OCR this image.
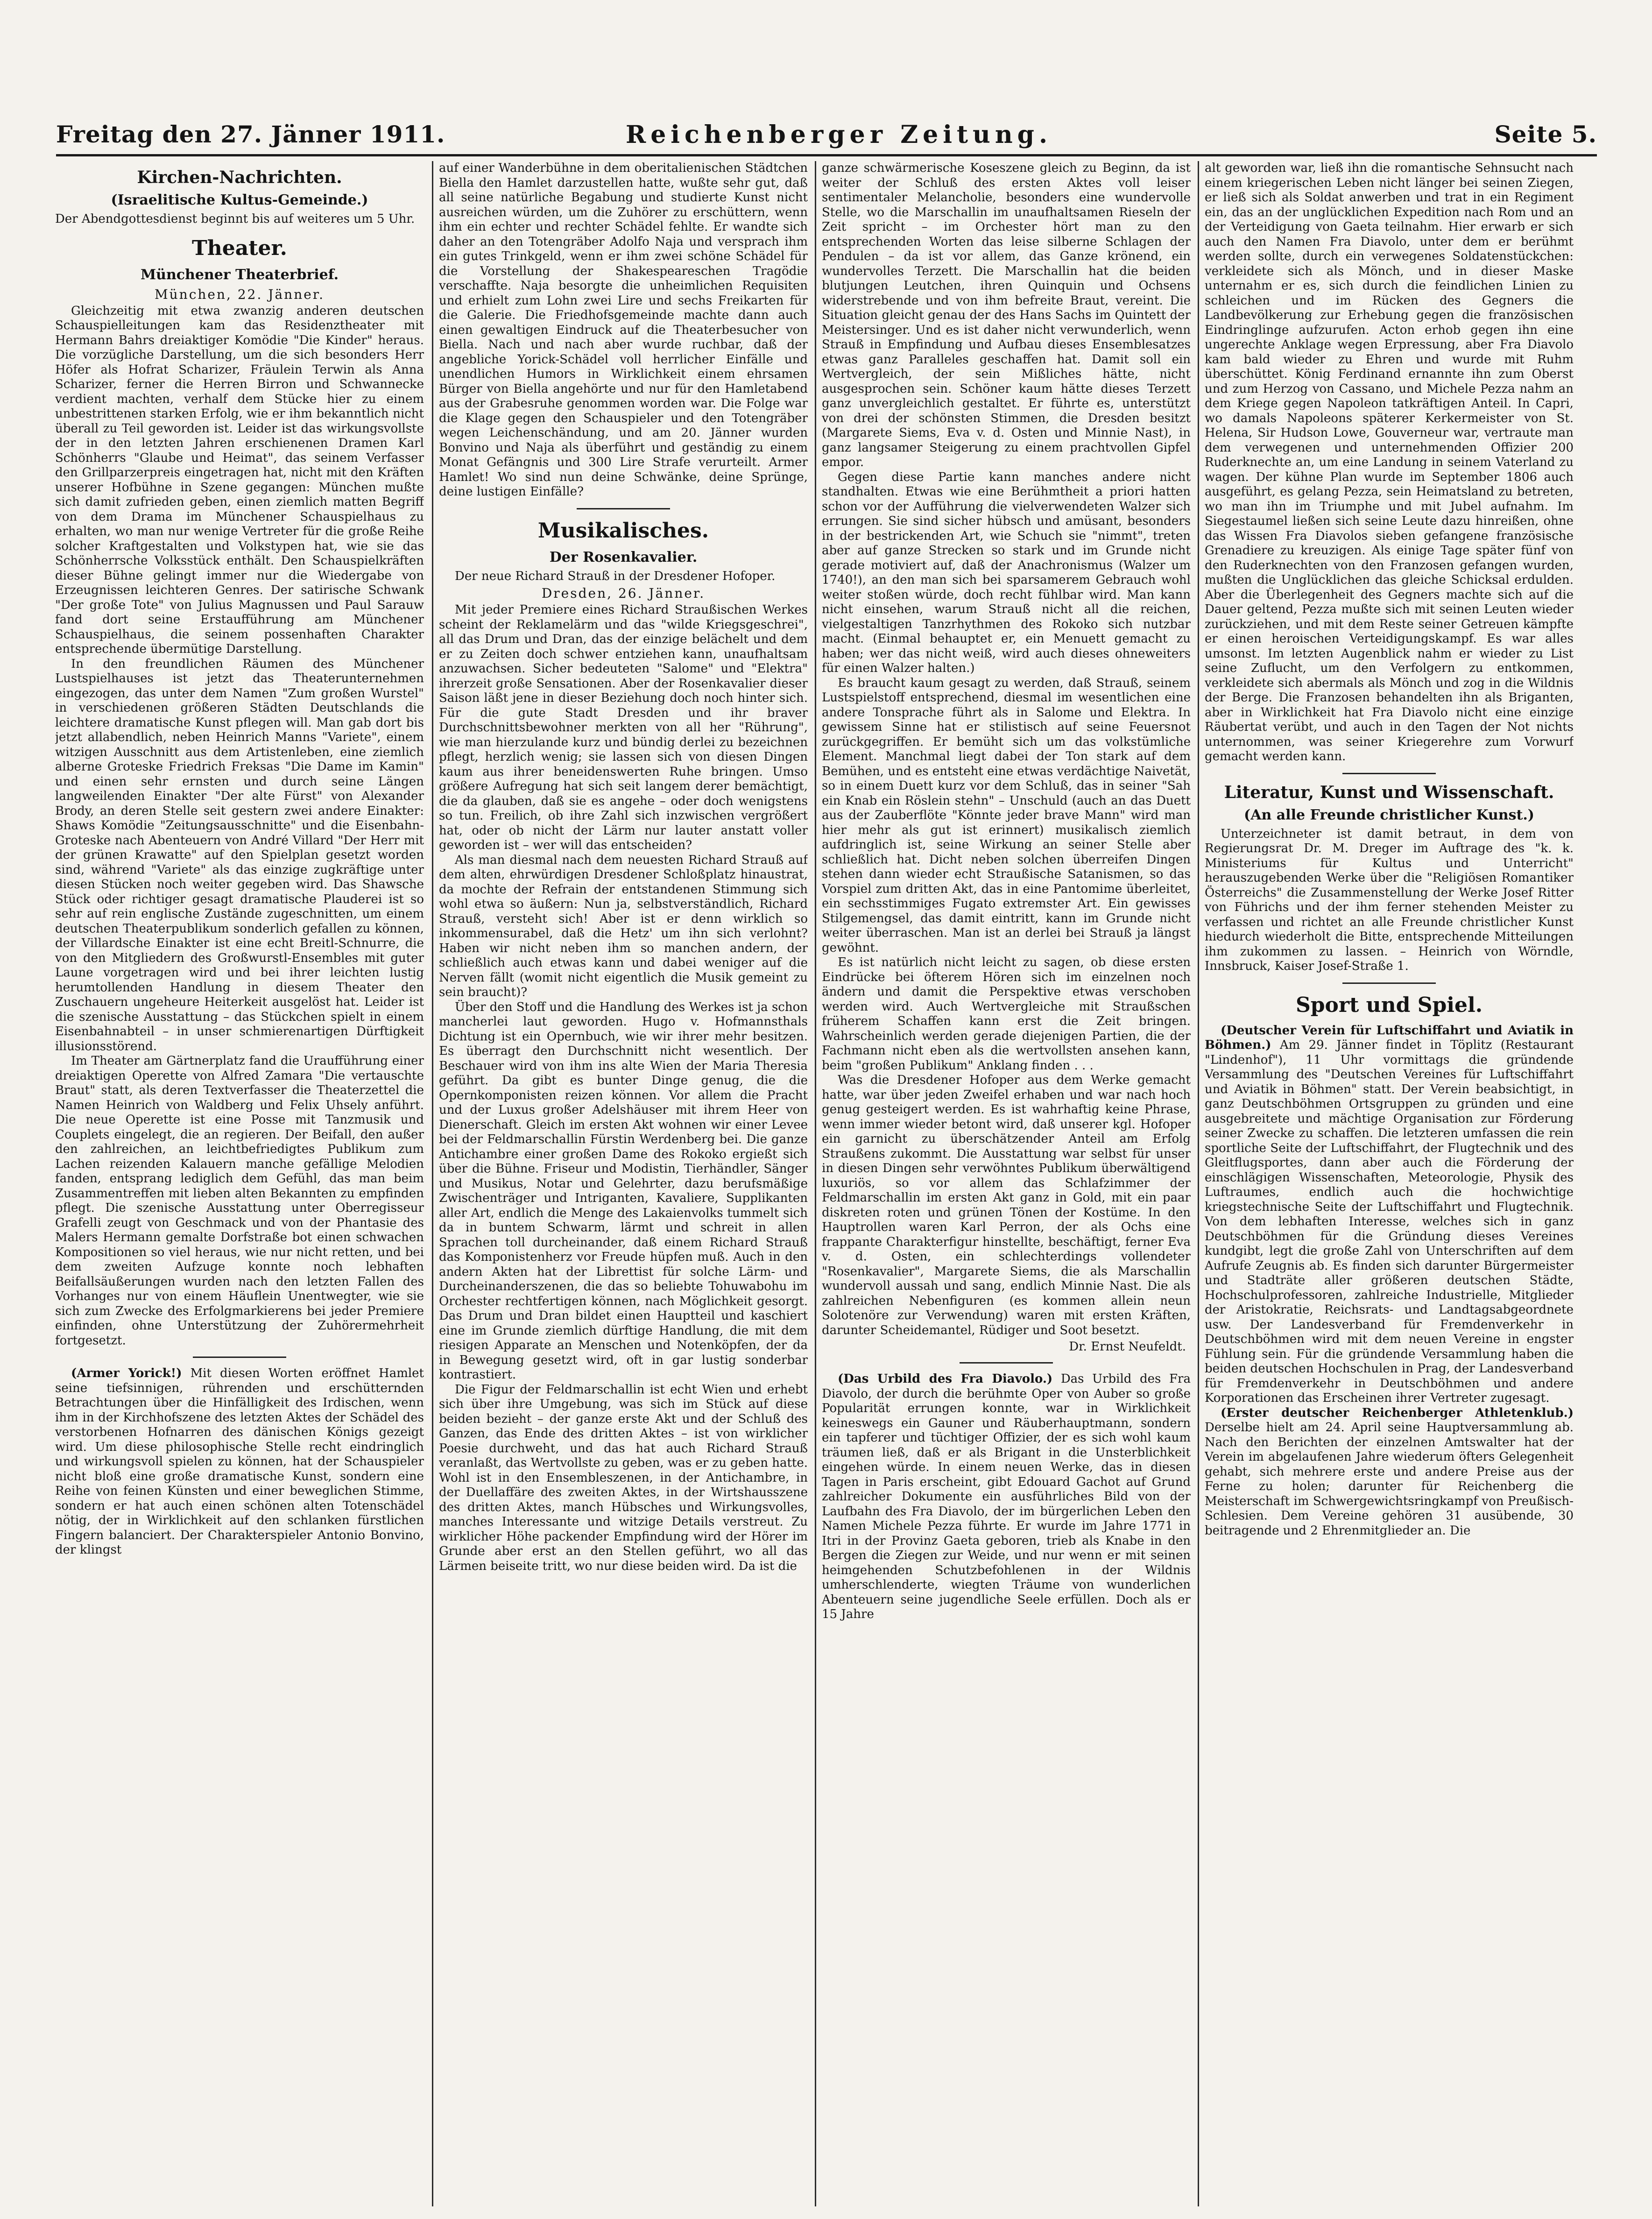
Freitag den 27. Jänner 1911.	Reichenberger Zeitung.	Seite 5.
Kirchen-Nachrichten.
(Israelitische Kultus-Gemeinde.)

Der Abendgottesdienst beginnt bis auf weiteres um 5 Uhr.

Theater.
Münchener Theaterbrief.
München, 22. Jänner.

Gleichzeitig mit etwa zwanzig anderen deutschen Schauspielleitungen kam das Residenztheater mit Hermann Bahrs dreiaktiger Komödie "Die Kinder" heraus. Die vorzügliche Darstellung, um die sich besonders Herr Höfer als Hofrat Scharizer, Fräulein Terwin als Anna Scharizer, ferner die Herren Birron und Schwannecke verdient machten, verhalf dem Stücke hier zu einem unbestrittenen starken Erfolg, wie er ihm bekanntlich nicht überall zu Teil geworden ist. Leider ist das wirkungsvollste der in den letzten Jahren erschienenen Dramen Karl Schönherrs "Glaube und Heimat", das seinem Verfasser den Grillparzerpreis eingetragen hat, nicht mit den Kräften unserer Hofbühne in Szene gegangen: München mußte sich damit zufrieden geben, einen ziemlich matten Begriff von dem Drama im Münchener Schauspielhaus zu erhalten, wo man nur wenige Vertreter für die große Reihe solcher Kraftgestalten und Volkstypen hat, wie sie das Schönherrsche Volksstück enthält. Den Schauspielkräften dieser Bühne gelingt immer nur die Wiedergabe von Erzeugnissen leichteren Genres. Der satirische Schwank "Der große Tote" von Julius Magnussen und Paul Sarauw fand dort seine Erstaufführung am Münchener Schauspielhaus, die seinem possenhaften Charakter entsprechende übermütige Darstellung.

In den freundlichen Räumen des Münchener Lustspielhauses ist jetzt das Theaterunternehmen eingezogen, das unter dem Namen "Zum großen Wurstel" in verschiedenen größeren Städten Deutschlands die leichtere dramatische Kunst pflegen will. Man gab dort bis jetzt allabendlich, neben Heinrich Manns "Variete", einem witzigen Ausschnitt aus dem Artistenleben, eine ziemlich alberne Groteske Friedrich Freksas "Die Dame im Kamin" und einen sehr ernsten und durch seine Längen langweilenden Einakter "Der alte Fürst" von Alexander Brody, an deren Stelle seit gestern zwei andere Einakter: Shaws Komödie "Zeitungsausschnitte" und die Eisenbahn-Groteske nach Abenteuern von André Villard "Der Herr mit der grünen Krawatte" auf den Spielplan gesetzt worden sind, während "Variete" als das einzige zugkräftige unter diesen Stücken noch weiter gegeben wird. Das Shawsche Stück oder richtiger gesagt dramatische Plauderei ist so sehr auf rein englische Zustände zugeschnitten, um einem deutschen Theaterpublikum sonderlich gefallen zu können, der Villardsche Einakter ist eine echt Breitl-Schnurre, die von den Mitgliedern des Großwurstl-Ensembles mit guter Laune vorgetragen wird und bei ihrer leichten lustig herumtollenden Handlung in diesem Theater den Zuschauern ungeheure Heiterkeit ausgelöst hat. Leider ist die szenische Ausstattung – das Stückchen spielt in einem Eisenbahnabteil – in unser schmierenartigen Dürftigkeit illusionsstörend.

Im Theater am Gärtnerplatz fand die Uraufführung einer dreiaktigen Operette von Alfred Zamara "Die vertauschte Braut" statt, als deren Textverfasser die Theaterzettel die Namen Heinrich von Waldberg und Felix Uhsely anführt. Die neue Operette ist eine Posse mit Tanzmusik und Couplets eingelegt, die an regieren. Der Beifall, den außer den zahlreichen, an leichtbefriedigtes Publikum zum Lachen reizenden Kalauern manche gefällige Melodien fanden, entsprang lediglich dem Gefühl, das man beim Zusammentreffen mit lieben alten Bekannten zu empfinden pflegt. Die szenische Ausstattung unter Oberregisseur Grafelli zeugt von Geschmack und von der Phantasie des Malers Hermann gemalte Dorfstraße bot einen schwachen Kompositionen so viel heraus, wie nur nicht retten, und bei dem zweiten Aufzuge konnte noch lebhaften Beifallsäußerungen wurden nach den letzten Fallen des Vorhanges nur von einem Häuflein Unentwegter, wie sie sich zum Zwecke des Erfolgmarkierens bei jeder Premiere einfinden, ohne Unterstützung der Zuhörermehrheit fortgesetzt.

(Armer Yorick!) Mit diesen Worten eröffnet Hamlet seine tiefsinnigen, rührenden und erschütternden Betrachtungen über die Hinfälligkeit des Irdischen, wenn ihm in der Kirchhofszene des letzten Aktes der Schädel des verstorbenen Hofnarren des dänischen Königs gezeigt wird. Um diese philosophische Stelle recht eindringlich und wirkungsvoll spielen zu können, hat der Schauspieler nicht bloß eine große dramatische Kunst, sondern eine Reihe von feinen Künsten und einer beweglichen Stimme, sondern er hat auch einen schönen alten Totenschädel nötig, der in Wirklichkeit auf den schlanken fürstlichen Fingern balanciert. Der Charakterspieler Antonio Bonvino, der klingst

auf einer Wanderbühne in dem oberitalienischen Städtchen Biella den Hamlet darzustellen hatte, wußte sehr gut, daß all seine natürliche Begabung und studierte Kunst nicht ausreichen würden, um die Zuhörer zu erschüttern, wenn ihm ein echter und rechter Schädel fehlte. Er wandte sich daher an den Totengräber Adolfo Naja und versprach ihm ein gutes Trinkgeld, wenn er ihm zwei schöne Schädel für die Vorstellung der Shakespeareschen Tragödie verschaffte. Naja besorgte die unheimlichen Requisiten und erhielt zum Lohn zwei Lire und sechs Freikarten für die Galerie. Die Friedhofsgemeinde machte dann auch einen gewaltigen Eindruck auf die Theaterbesucher von Biella. Nach und nach aber wurde ruchbar, daß der angebliche Yorick-Schädel voll herrlicher Einfälle und unendlichen Humors in Wirklichkeit einem ehrsamen Bürger von Biella angehörte und nur für den Hamletabend aus der Grabesruhe genommen worden war. Die Folge war die Klage gegen den Schauspieler und den Totengräber wegen Leichenschändung, und am 20. Jänner wurden Bonvino und Naja als überführt und geständig zu einem Monat Gefängnis und 300 Lire Strafe verurteilt. Armer Hamlet! Wo sind nun deine Schwänke, deine Sprünge, deine lustigen Einfälle?

Musikalisches.
Der Rosenkavalier.

Der neue Richard Strauß in der Dresdener Hofoper.

Dresden, 26. Jänner.

Mit jeder Premiere eines Richard Straußischen Werkes scheint der Reklamelärm und das "wilde Kriegsgeschrei", all das Drum und Dran, das der einzige belächelt und dem er zu Zeiten doch schwer entziehen kann, unaufhaltsam anzuwachsen. Sicher bedeuteten "Salome" und "Elektra" ihrerzeit große Sensationen. Aber der Rosenkavalier dieser Saison läßt jene in dieser Beziehung doch noch hinter sich. Für die gute Stadt Dresden und ihr braver Durchschnittsbewohner merkten von all her "Rührung", wie man hierzulande kurz und bündig derlei zu bezeichnen pflegt, herzlich wenig; sie lassen sich von diesen Dingen kaum aus ihrer beneidenswerten Ruhe bringen. Umso größere Aufregung hat sich seit langem derer bemächtigt, die da glauben, daß sie es angehe – oder doch wenigstens so tun. Freilich, ob ihre Zahl sich inzwischen vergrößert hat, oder ob nicht der Lärm nur lauter anstatt voller geworden ist – wer will das entscheiden?

Als man diesmal nach dem neuesten Richard Strauß auf dem alten, ehrwürdigen Dresdener Schloßplatz hinaustrat, da mochte der Refrain der entstandenen Stimmung sich wohl etwa so äußern: Nun ja, selbstverständlich, Richard Strauß, versteht sich! Aber ist er denn wirklich so inkommensurabel, daß die Hetz' um ihn sich verlohnt? Haben wir nicht neben ihm so manchen andern, der schließlich auch etwas kann und dabei weniger auf die Nerven fällt (womit nicht eigentlich die Musik gemeint zu sein braucht)?

Über den Stoff und die Handlung des Werkes ist ja schon mancherlei laut geworden. Hugo v. Hofmannsthals Dichtung ist ein Opernbuch, wie wir ihrer mehr besitzen. Es überragt den Durchschnitt nicht wesentlich. Der Beschauer wird von ihm ins alte Wien der Maria Theresia geführt. Da gibt es bunter Dinge genug, die die Opernkomponisten reizen können. Vor allem die Pracht und der Luxus großer Adelshäuser mit ihrem Heer von Dienerschaft. Gleich im ersten Akt wohnen wir einer Levee bei der Feldmarschallin Fürstin Werdenberg bei. Die ganze Antichambre einer großen Dame des Rokoko ergießt sich über die Bühne. Friseur und Modistin, Tierhändler, Sänger und Musikus, Notar und Gelehrter, dazu berufsmäßige Zwischenträger und Intriganten, Kavaliere, Supplikanten aller Art, endlich die Menge des Lakaienvolks tummelt sich da in buntem Schwarm, lärmt und schreit in allen Sprachen toll durcheinander, daß einem Richard Strauß das Komponistenherz vor Freude hüpfen muß. Auch in den andern Akten hat der Librettist für solche Lärm- und Durcheinanderszenen, die das so beliebte Tohuwabohu im Orchester rechtfertigen können, nach Möglichkeit gesorgt. Das Drum und Dran bildet einen Hauptteil und kaschiert eine im Grunde ziemlich dürftige Handlung, die mit dem riesigen Apparate an Menschen und Notenköpfen, der da in Bewegung gesetzt wird, oft in gar lustig sonderbar kontrastiert.

Die Figur der Feldmarschallin ist echt Wien und erhebt sich über ihre Umgebung, was sich im Stück auf diese beiden bezieht – der ganze erste Akt und der Schluß des Ganzen, das Ende des dritten Aktes – ist von wirklicher Poesie durchweht, und das hat auch Richard Strauß veranlaßt, das Wertvollste zu geben, was er zu geben hatte. Wohl ist in den Ensembleszenen, in der Antichambre, in der Duellaffäre des zweiten Aktes, in der Wirtshausszene des dritten Aktes, manch Hübsches und Wirkungsvolles, manches Interessante und witzige Details verstreut. Zu wirklicher Höhe packender Empfindung wird der Hörer im Grunde aber erst an den Stellen geführt, wo all das Lärmen beiseite tritt, wo nur diese beiden wird. Da ist die

ganze schwärmerische Koseszene gleich zu Beginn, da ist weiter der Schluß des ersten Aktes voll leiser sentimentaler Melancholie, besonders eine wundervolle Stelle, wo die Marschallin im unaufhaltsamen Rieseln der Zeit spricht – im Orchester hört man zu den entsprechenden Worten das leise silberne Schlagen der Pendulen – da ist vor allem, das Ganze krönend, ein wundervolles Terzett. Die Marschallin hat die beiden blutjungen Leutchen, ihren Quinquin und Ochsens widerstrebende und von ihm befreite Braut, vereint. Die Situation gleicht genau der des Hans Sachs im Quintett der Meistersinger. Und es ist daher nicht verwunderlich, wenn Strauß in Empfindung und Aufbau dieses Ensemblesatzes etwas ganz Paralleles geschaffen hat. Damit soll ein Wertvergleich, der sein Mißliches hätte, nicht ausgesprochen sein. Schöner kaum hätte dieses Terzett ganz unvergleichlich gestaltet. Er führte es, unterstützt von drei der schönsten Stimmen, die Dresden besitzt (Margarete Siems, Eva v. d. Osten und Minnie Nast), in ganz langsamer Steigerung zu einem prachtvollen Gipfel empor.

Gegen diese Partie kann manches andere nicht standhalten. Etwas wie eine Berühmtheit a priori hatten schon vor der Aufführung die vielverwendeten Walzer sich errungen. Sie sind sicher hübsch und amüsant, besonders in der bestrickenden Art, wie Schuch sie "nimmt", treten aber auf ganze Strecken so stark und im Grunde nicht gerade motiviert auf, daß der Anachronismus (Walzer um 1740!), an den man sich bei sparsamerem Gebrauch wohl weiter stoßen würde, doch recht fühlbar wird. Man kann nicht einsehen, warum Strauß nicht all die reichen, vielgestaltigen Tanzrhythmen des Rokoko sich nutzbar macht. (Einmal behauptet er, ein Menuett gemacht zu haben; wer das nicht weiß, wird auch dieses ohneweiters für einen Walzer halten.)

Es braucht kaum gesagt zu werden, daß Strauß, seinem Lustspielstoff entsprechend, diesmal im wesentlichen eine andere Tonsprache führt als in Salome und Elektra. In gewissem Sinne hat er stilistisch auf seine Feuersnot zurückgegriffen. Er bemüht sich um das volkstümliche Element. Manchmal liegt dabei der Ton stark auf dem Bemühen, und es entsteht eine etwas verdächtige Naivetät, so in einem Duett kurz vor dem Schluß, das in seiner "Sah ein Knab ein Röslein stehn" – Unschuld (auch an das Duett aus der Zauberflöte "Könnte jeder brave Mann" wird man hier mehr als gut ist erinnert) musikalisch ziemlich aufdringlich ist, seine Wirkung an seiner Stelle aber schließlich hat. Dicht neben solchen überreifen Dingen stehen dann wieder echt Straußische Satanismen, so das Vorspiel zum dritten Akt, das in eine Pantomime überleitet, ein sechsstimmiges Fugato extremster Art. Ein gewisses Stilgemengsel, das damit eintritt, kann im Grunde nicht weiter überraschen. Man ist an derlei bei Strauß ja längst gewöhnt.

Es ist natürlich nicht leicht zu sagen, ob diese ersten Eindrücke bei öfterem Hören sich im einzelnen noch ändern und damit die Perspektive etwas verschoben werden wird. Auch Wertvergleiche mit Straußschen früherem Schaffen kann erst die Zeit bringen. Wahrscheinlich werden gerade diejenigen Partien, die der Fachmann nicht eben als die wertvollsten ansehen kann, beim "großen Publikum" Anklang finden . . .

Was die Dresdener Hofoper aus dem Werke gemacht hatte, war über jeden Zweifel erhaben und war nach hoch genug gesteigert werden. Es ist wahrhaftig keine Phrase, wenn immer wieder betont wird, daß unserer kgl. Hofoper ein garnicht zu überschätzender Anteil am Erfolg Straußens zukommt. Die Ausstattung war selbst für unser in diesen Dingen sehr verwöhntes Publikum überwältigend luxuriös, so vor allem das Schlafzimmer der Feldmarschallin im ersten Akt ganz in Gold, mit ein paar diskreten roten und grünen Tönen der Kostüme. In den Hauptrollen waren Karl Perron, der als Ochs eine frappante Charakterfigur hinstellte, beschäftigt, ferner Eva v. d. Osten, ein schlechterdings vollendeter "Rosenkavalier", Margarete Siems, die als Marschallin wundervoll aussah und sang, endlich Minnie Nast. Die als zahlreichen Nebenfiguren (es kommen allein neun Solotenöre zur Verwendung) waren mit ersten Kräften, darunter Scheidemantel, Rüdiger und Soot besetzt.

Dr. Ernst Neufeldt.

(Das Urbild des Fra Diavolo.) Das Urbild des Fra Diavolo, der durch die berühmte Oper von Auber so große Popularität errungen konnte, war in Wirklichkeit keineswegs ein Gauner und Räuberhauptmann, sondern ein tapferer und tüchtiger Offizier, der es sich wohl kaum träumen ließ, daß er als Brigant in die Unsterblichkeit eingehen würde. In einem neuen Werke, das in diesen Tagen in Paris erscheint, gibt Edouard Gachot auf Grund zahlreicher Dokumente ein ausführliches Bild von der Laufbahn des Fra Diavolo, der im bürgerlichen Leben den Namen Michele Pezza führte. Er wurde im Jahre 1771 in Itri in der Provinz Gaeta geboren, trieb als Knabe in den Bergen die Ziegen zur Weide, und nur wenn er mit seinen heimgehenden Schutzbefohlenen in der Wildnis umherschlenderte, wiegten Träume von wunderlichen Abenteuern seine jugendliche Seele erfüllen. Doch als er 15 Jahre

alt geworden war, ließ ihn die romantische Sehnsucht nach einem kriegerischen Leben nicht länger bei seinen Ziegen, er ließ sich als Soldat anwerben und trat in ein Regiment ein, das an der unglücklichen Expedition nach Rom und an der Verteidigung von Gaeta teilnahm. Hier erwarb er sich auch den Namen Fra Diavolo, unter dem er berühmt werden sollte, durch ein verwegenes Soldatenstückchen: verkleidete sich als Mönch, und in dieser Maske unternahm er es, sich durch die feindlichen Linien zu schleichen und im Rücken des Gegners die Landbevölkerung zur Erhebung gegen die französischen Eindringlinge aufzurufen. Acton erhob gegen ihn eine ungerechte Anklage wegen Erpressung, aber Fra Diavolo kam bald wieder zu Ehren und wurde mit Ruhm überschüttet. König Ferdinand ernannte ihn zum Oberst und zum Herzog von Cassano, und Michele Pezza nahm an dem Kriege gegen Napoleon tatkräftigen Anteil. In Capri, wo damals Napoleons späterer Kerkermeister von St. Helena, Sir Hudson Lowe, Gouverneur war, vertraute man dem verwegenen und unternehmenden Offizier 200 Ruderknechte an, um eine Landung in seinem Vaterland zu wagen. Der kühne Plan wurde im September 1806 auch ausgeführt, es gelang Pezza, sein Heimatsland zu betreten, wo man ihn im Triumphe und mit Jubel aufnahm. Im Siegestaumel ließen sich seine Leute dazu hinreißen, ohne das Wissen Fra Diavolos sieben gefangene französische Grenadiere zu kreuzigen. Als einige Tage später fünf von den Ruderknechten von den Franzosen gefangen wurden, mußten die Unglücklichen das gleiche Schicksal erdulden. Aber die Überlegenheit des Gegners machte sich auf die Dauer geltend, Pezza mußte sich mit seinen Leuten wieder zurückziehen, und mit dem Reste seiner Getreuen kämpfte er einen heroischen Verteidigungskampf. Es war alles umsonst. Im letzten Augenblick nahm er wieder zu List seine Zuflucht, um den Verfolgern zu entkommen, verkleidete sich abermals als Mönch und zog in die Wildnis der Berge. Die Franzosen behandelten ihn als Briganten, aber in Wirklichkeit hat Fra Diavolo nicht eine einzige Räubertat verübt, und auch in den Tagen der Not nichts unternommen, was seiner Kriegerehre zum Vorwurf gemacht werden kann.

Literatur, Kunst und Wissenschaft.
(An alle Freunde christlicher Kunst.)

Unterzeichneter ist damit betraut, in dem von Regierungsrat Dr. M. Dreger im Auftrage des "k. k. Ministeriums für Kultus und Unterricht" herauszugebenden Werke über die "Religiösen Romantiker Österreichs" die Zusammenstellung der Werke Josef Ritter von Führichs und der ihm ferner stehenden Meister zu verfassen und richtet an alle Freunde christlicher Kunst hiedurch wiederholt die Bitte, entsprechende Mitteilungen ihm zukommen zu lassen. – Heinrich von Wörndle, Innsbruck, Kaiser Josef-Straße 1.

Sport und Spiel.

(Deutscher Verein für Luftschiffahrt und Aviatik in Böhmen.) Am 29. Jänner findet in Töplitz (Restaurant "Lindenhof"), 11 Uhr vormittags die gründende Versammlung des "Deutschen Vereines für Luftschiffahrt und Aviatik in Böhmen" statt. Der Verein beabsichtigt, in ganz Deutschböhmen Ortsgruppen zu gründen und eine ausgebreitete und mächtige Organisation zur Förderung seiner Zwecke zu schaffen. Die letzteren umfassen die rein sportliche Seite der Luftschiffahrt, der Flugtechnik und des Gleitflugsportes, dann aber auch die Förderung der einschlägigen Wissenschaften, Meteorologie, Physik des Luftraumes, endlich auch die hochwichtige kriegstechnische Seite der Luftschiffahrt und Flugtechnik. Von dem lebhaften Interesse, welches sich in ganz Deutschböhmen für die Gründung dieses Vereines kundgibt, legt die große Zahl von Unterschriften auf dem Aufrufe Zeugnis ab. Es finden sich darunter Bürgermeister und Stadträte aller größeren deutschen Städte, Hochschulprofessoren, zahlreiche Industrielle, Mitglieder der Aristokratie, Reichsrats- und Landtagsabgeordnete usw. Der Landesverband für Fremdenverkehr in Deutschböhmen wird mit dem neuen Vereine in engster Fühlung sein. Für die gründende Versammlung haben die beiden deutschen Hochschulen in Prag, der Landesverband für Fremdenverkehr in Deutschböhmen und andere Korporationen das Erscheinen ihrer Vertreter zugesagt.

(Erster deutscher Reichenberger Athletenklub.) Derselbe hielt am 24. April seine Hauptversammlung ab. Nach den Berichten der einzelnen Amtswalter hat der Verein im abgelaufenen Jahre wiederum öfters Gelegenheit gehabt, sich mehrere erste und andere Preise aus der Ferne zu holen; darunter für Reichenberg die Meisterschaft im Schwergewichtsringkampf von Preußisch-Schlesien. Dem Vereine gehören 31 ausübende, 30 beitragende und 2 Ehrenmitglieder an. Die
